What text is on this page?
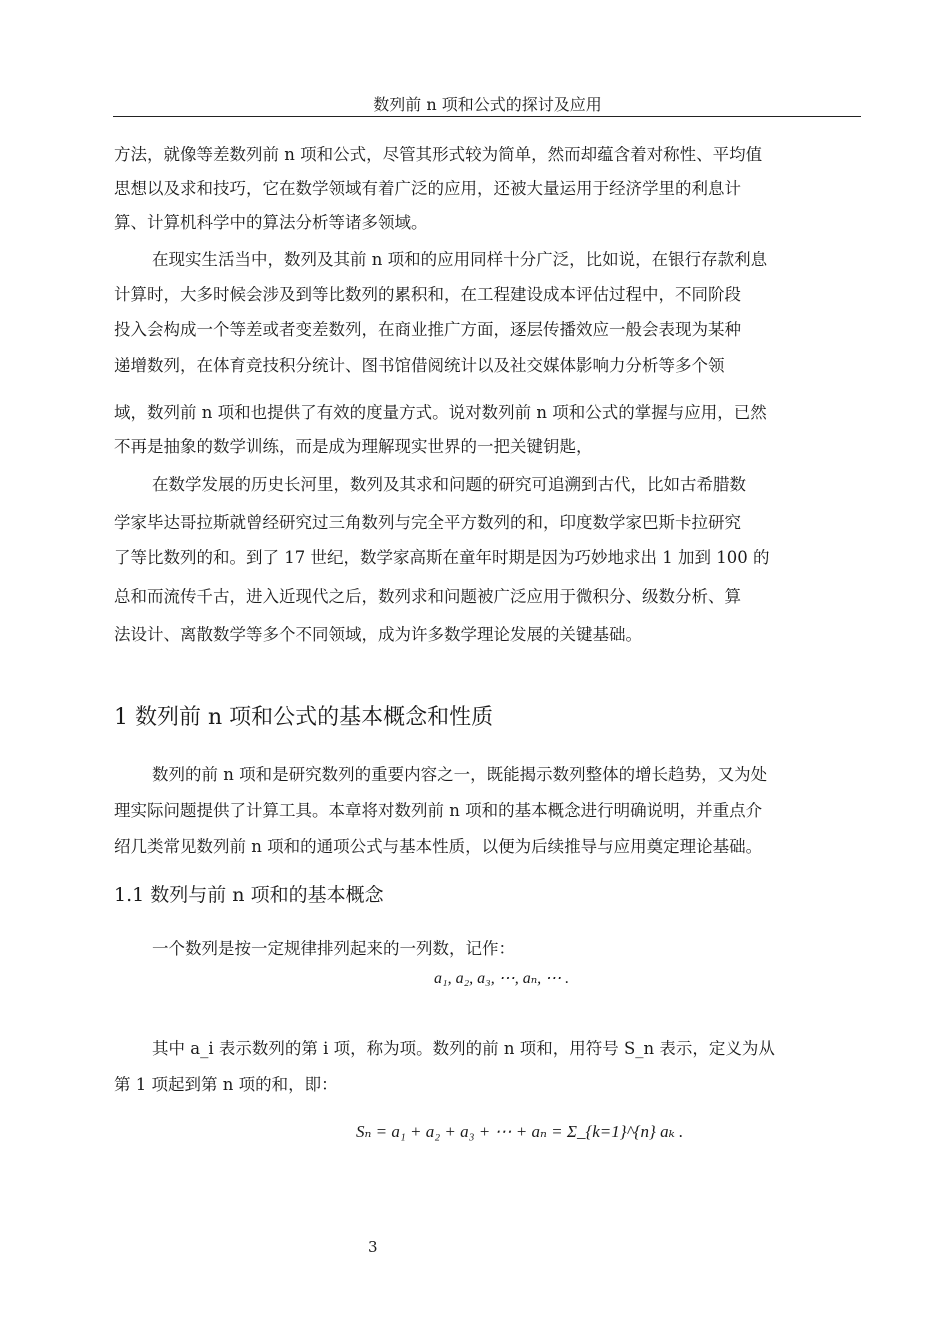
数列前 n 项和公式的探讨及应用
方法，就像等差数列前 n 项和公式，尽管其形式较为简单，然而却蕴含着对称性、平均值
思想以及求和技巧，它在数学领域有着广泛的应用，还被大量运用于经济学里的利息计
算、计算机科学中的算法分析等诸多领域。
在现实生活当中，数列及其前 n 项和的应用同样十分广泛，比如说，在银行存款利息
计算时，大多时候会涉及到等比数列的累积和，在工程建设成本评估过程中，不同阶段
投入会构成一个等差或者变差数列，在商业推广方面，逐层传播效应一般会表现为某种
递增数列，在体育竞技积分统计、图书馆借阅统计以及社交媒体影响力分析等多个领
域，数列前 n 项和也提供了有效的度量方式。说对数列前 n 项和公式的掌握与应用，已然
不再是抽象的数学训练，而是成为理解现实世界的一把关键钥匙，
在数学发展的历史长河里，数列及其求和问题的研究可追溯到古代，比如古希腊数
学家毕达哥拉斯就曾经研究过三角数列与完全平方数列的和，印度数学家巴斯卡拉研究
了等比数列的和。到了 17 世纪，数学家高斯在童年时期是因为巧妙地求出 1 加到 100 的
总和而流传千古，进入近现代之后，数列求和问题被广泛应用于微积分、级数分析、算
法设计、离散数学等多个不同领域，成为许多数学理论发展的关键基础。
1 数列前 n 项和公式的基本概念和性质
数列的前 n 项和是研究数列的重要内容之一，既能揭示数列整体的增长趋势，又为处
理实际问题提供了计算工具。本章将对数列前 n 项和的基本概念进行明确说明，并重点介
绍几类常见数列前 n 项和的通项公式与基本性质，以便为后续推导与应用奠定理论基础。
1.1 数列与前 n 项和的基本概念
一个数列是按一定规律排列起来的一列数，记作：
a₁, a₂, a₃, ⋯, aₙ, ⋯ .
其中 a_i 表示数列的第 i 项，称为项。数列的前 n 项和，用符号 S_n 表示，定义为从
第 1 项起到第 n 项的和，即：
Sₙ = a₁ + a₂ + a₃ + ⋯ + aₙ = Σ_{k=1}^{n} aₖ .
3
